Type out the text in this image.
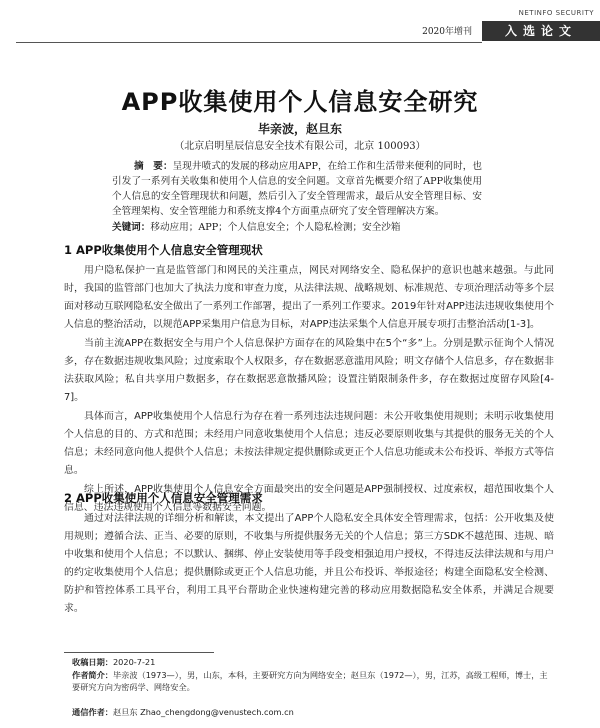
2020年增刊
NETINFO SECURITY
入选论文
APP收集使用个人信息安全研究
毕亲波，赵旦东
（北京启明星辰信息安全技术有限公司，北京 100093）
摘　要：呈现井喷式的发展的移动应用APP，在给工作和生活带来便利的同时，也引发了一系列有关收集和使用个人信息的安全问题。文章首先概要介绍了APP收集使用个人信息的安全管理现状和问题，然后引入了安全管理需求，最后从安全管理目标、安全管理架构、安全管理能力和系统支撑4个方面重点研究了安全管理解决方案。
关键词：移动应用；APP；个人信息安全；个人隐私检测；安全沙箱
1 APP收集使用个人信息安全管理现状

用户隐私保护一直是监管部门和网民的关注重点，网民对网络安全、隐私保护的意识也越来越强。与此同时，我国的监管部门也加大了执法力度和审查力度，从法律法规、战略规划、标准规范、专项治理活动等多个层面对移动互联网隐私安全做出了一系列工作部署，提出了一系列工作要求。2019年针对APP违法违规收集使用个人信息的整治活动，以规范APP采集用户信息为目标，对APP违法采集个人信息开展专项打击整治活动[1-3]。

当前主流APP在数据安全与用户个人信息保护方面存在的风险集中在5个“多”上。分别是默示征询个人情况多，存在数据违规收集风险；过度索取个人权限多，存在数据恶意滥用风险；明文存储个人信息多，存在数据非法获取风险；私自共享用户数据多，存在数据恶意散播风险；设置注销限制条件多，存在数据过度留存风险[4-7]。

具体而言，APP收集使用个人信息行为存在着一系列违法违规问题：未公开收集使用规则；未明示收集使用个人信息的目的、方式和范围；未经用户同意收集使用个人信息；违反必要原则收集与其提供的服务无关的个人信息；未经同意向他人提供个人信息；未按法律规定提供删除或更正个人信息功能或未公布投诉、举报方式等信息。

综上所述，APP收集使用个人信息安全方面最突出的安全问题是APP强制授权、过度索权，超范围收集个人信息、违法违规使用个人信息等数据安全问题。

2 APP收集使用个人信息安全管理需求

通过对法律法规的详细分析和解读，本文提出了APP个人隐私安全具体安全管理需求，包括：公开收集及使用规则；遵循合法、正当、必要的原则，不收集与所提供服务无关的个人信息；第三方SDK不越范围、违规、暗中收集和使用个人信息；不以默认、捆绑、停止安装使用等手段变相强迫用户授权，不得违反法律法规和与用户的约定收集使用个人信息；提供删除或更正个人信息功能，并且公布投诉、举报途径；构建全面隐私安全检测、防护和管控体系工具平台，利用工具平台帮助企业快速构建完善的移动应用数据隐私安全体系，并满足合规要求。

收稿日期：2020-7-21
作者简介：毕亲波（1973—），男，山东，本科，主要研究方向为网络安全；赵旦东（1972—），男，江苏，高级工程师，博士，主要研究方向为密码学、网络安全。
通信作者：赵旦东 Zhao_chengdong@venustech.com.cn
